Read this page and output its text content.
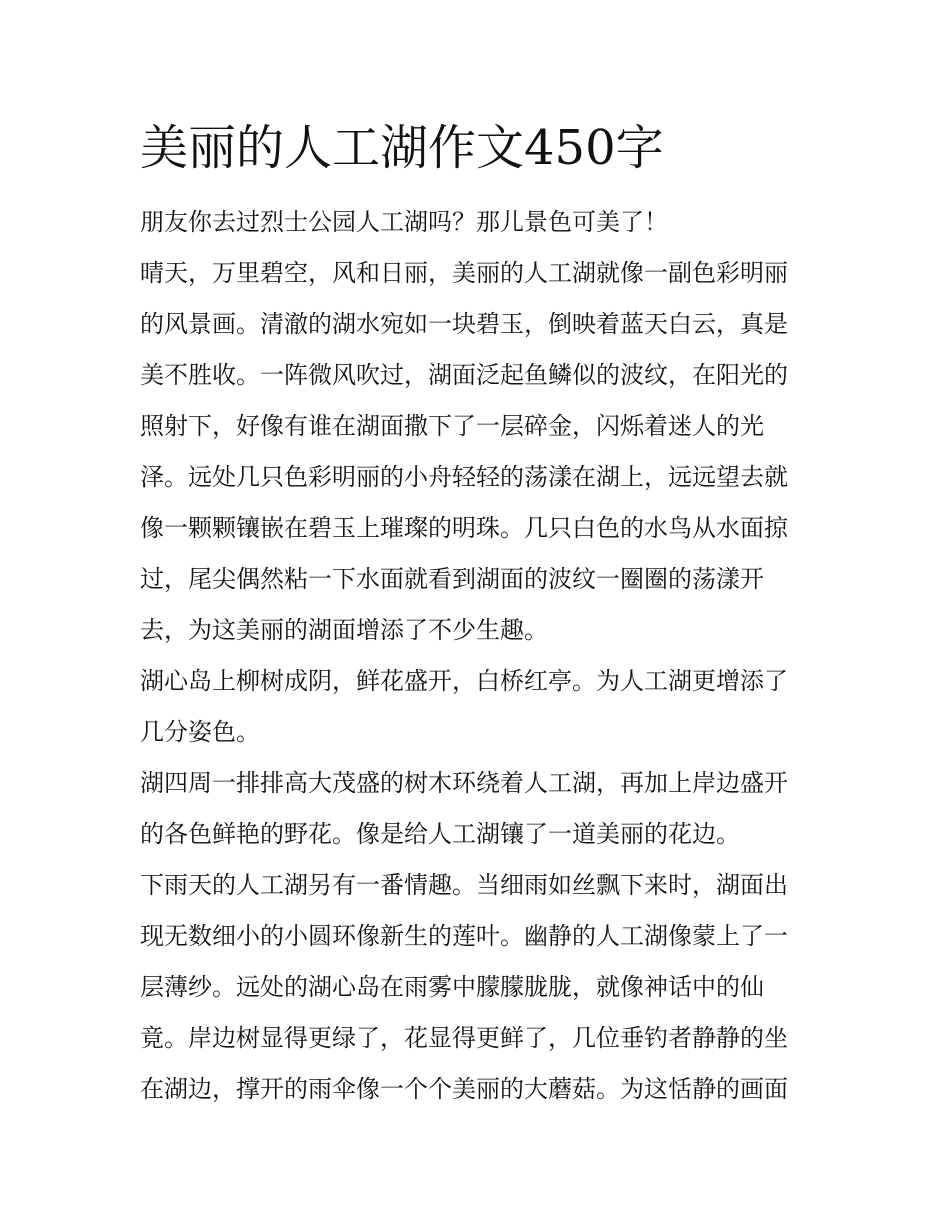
美丽的人工湖作文450字
朋友你去过烈士公园人工湖吗？那儿景色可美了！
晴天，万里碧空，风和日丽，美丽的人工湖就像一副色彩明丽
的风景画。清澈的湖水宛如一块碧玉，倒映着蓝天白云，真是
美不胜收。一阵微风吹过，湖面泛起鱼鳞似的波纹，在阳光的
照射下，好像有谁在湖面撒下了一层碎金，闪烁着迷人的光
泽。远处几只色彩明丽的小舟轻轻的荡漾在湖上，远远望去就
像一颗颗镶嵌在碧玉上璀璨的明珠。几只白色的水鸟从水面掠
过，尾尖偶然粘一下水面就看到湖面的波纹一圈圈的荡漾开
去，为这美丽的湖面增添了不少生趣。
湖心岛上柳树成阴，鲜花盛开，白桥红亭。为人工湖更增添了
几分姿色。
湖四周一排排高大茂盛的树木环绕着人工湖，再加上岸边盛开
的各色鲜艳的野花。像是给人工湖镶了一道美丽的花边。
下雨天的人工湖另有一番情趣。当细雨如丝飘下来时，湖面出
现无数细小的小圆环像新生的莲叶。幽静的人工湖像蒙上了一
层薄纱。远处的湖心岛在雨雾中朦朦胧胧，就像神话中的仙
竟。岸边树显得更绿了，花显得更鲜了，几位垂钓者静静的坐
在湖边，撑开的雨伞像一个个美丽的大蘑菇。为这恬静的画面
